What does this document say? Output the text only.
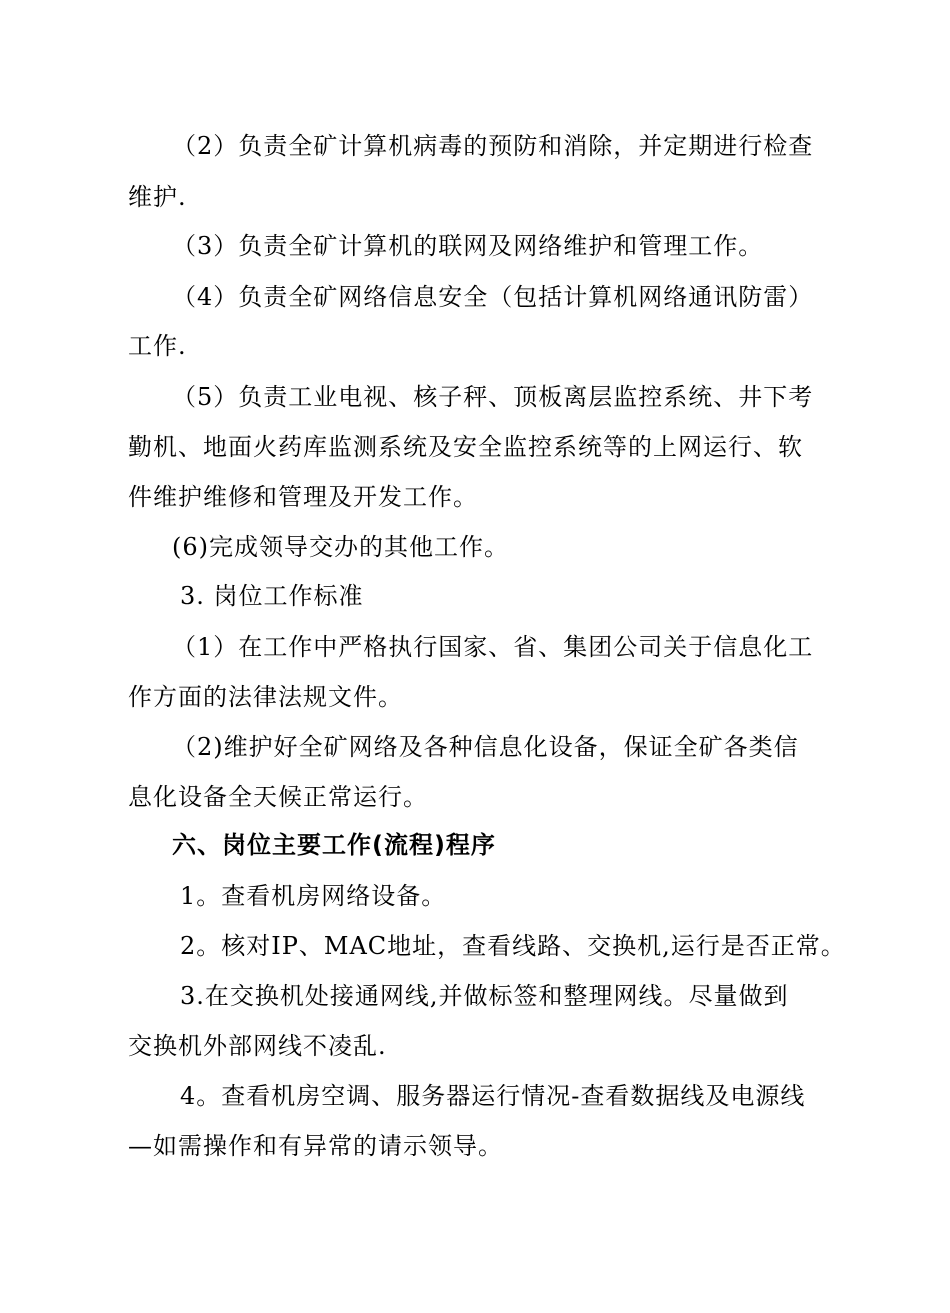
（2）负责全矿计算机病毒的预防和消除，并定期进行检查
维护.
（3）负责全矿计算机的联网及网络维护和管理工作。
（4）负责全矿网络信息安全（包括计算机网络通讯防雷）
工作.
（5）负责工业电视、核子秤、顶板离层监控系统、井下考
勤机、地面火药库监测系统及安全监控系统等的上网运行、软
件维护维修和管理及开发工作。
(6)完成领导交办的其他工作。
3. 岗位工作标准
（1）在工作中严格执行国家、省、集团公司关于信息化工
作方面的法律法规文件。
（2)维护好全矿网络及各种信息化设备，保证全矿各类信
息化设备全天候正常运行。
六、岗位主要工作(流程)程序
1。查看机房网络设备。
2。核对IP、MAC地址，查看线路、交换机,运行是否正常。
3.在交换机处接通网线,并做标签和整理网线。尽量做到
交换机外部网线不凌乱.
4。查看机房空调、服务器运行情况-查看数据线及电源线
—如需操作和有异常的请示领导。
